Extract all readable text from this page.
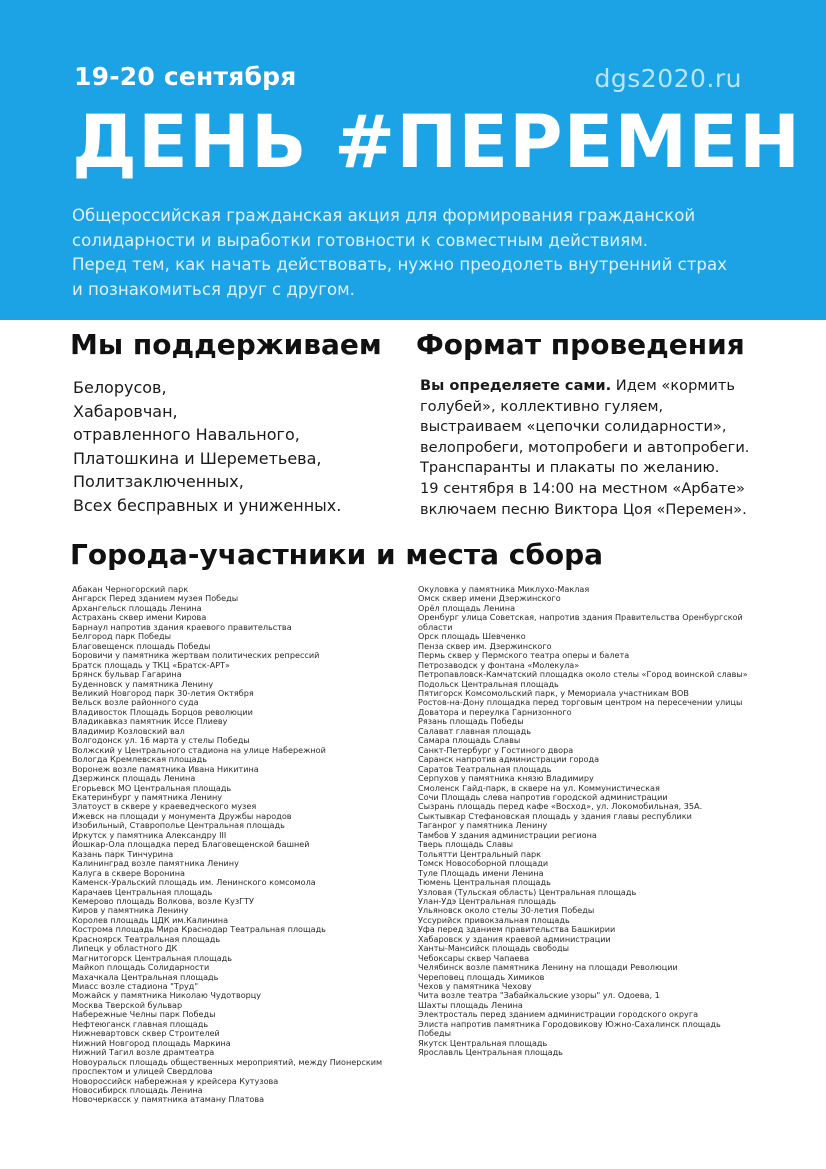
19-20 сентября	dgs2020.ru
ДЕНЬ #ПЕРЕМЕН
Общероссийская гражданская акция для формирования гражданской
солидарности и выработки готовности к совместным действиям.
Перед тем, как начать действовать, нужно преодолеть внутренний страх
и познакомиться друг с другом.
Мы поддерживаем Формат проведения
Белорусов,
Хабаровчан,
отравленного Навального,
Платошкина и Шереметьева,
Политзаключенных,
Всех бесправных и униженных.
Вы определяете сами. Идем «кормить
голубей», коллективно гуляем,
выстраиваем «цепочки солидарности»,
велопробеги, мотопробеги и автопробеги.
Транспаранты и плакаты по желанию.
19 сентября в 14:00 на местном «Арбате»
включаем песню Виктора Цоя «Перемен».
Города-участники и места сбора
Абакан Черногорский парк
Ангарск Перед зданием музея Победы
Архангельск площадь Ленина
Астрахань сквер имени Кирова
Барнаул напротив здания краевого правительства
Белгород парк Победы
Благовещенск площадь Победы
Боровичи у памятника жертвам политических репрессий
Братск площадь у ТКЦ «Братск-АРТ»
Брянск бульвар Гагарина
Буденновск у памятника Ленину
Великий Новгород парк 30-летия Октября
Вельск возле районного суда
Владивосток Площадь Борцов революции
Владикавказ памятник Иссе Плиеву
Владимир Козловский вал
Волгодонск ул. 16 марта у стелы Победы
Волжский у Центрального стадиона на улице Набережной
Вологда Кремлевская площадь
Воронеж возле памятника Ивана Никитина
Дзержинск площадь Ленина
Егорьевск МО Центральная площадь
Екатеринбург у памятника Ленину
Златоуст в сквере у краеведческого музея
Ижевск на площади у монумента Дружбы народов
Изобильный, Ставрополье Центральная площадь
Иркутск у памятника Александру III
Йошкар-Ола площадка перед Благовещенской башней
Казань парк Тинчурина
Калининград возле памятника Ленину
Калуга в сквере Воронина
Каменск-Уральский площадь им. Ленинского комсомола
Карачаев Центральная площадь
Кемерово площадь Волкова, возле КузГТУ
Киров у памятника Ленину
Королев площадь ЦДК им.Калинина
Кострома площадь Мира Краснодар Театральная площадь
Красноярск Театральная площадь
Липецк у областного ДК
Магнитогорск Центральная площадь
Майкоп площадь Солидарности
Махачкала Центральная площадь
Миасс возле стадиона "Труд"
Можайск у памятника Николаю Чудотворцу
Москва Тверской бульвар
Набережные Челны парк Победы
Нефтеюганск главная площадь
Нижневартовск сквер Строителей
Нижний Новгород площадь Маркина
Нижний Тагил возле драмтеатра
Новоуральск площадь общественных мероприятий, между Пионерским
проспектом и улицей Свердлова
Новороссийск набережная у крейсера Кутузова
Новосибирск площадь Ленина
Новочеркасск у памятника атаману Платова
Окуловка у памятника Миклухо-Маклая
Омск сквер имени Дзержинского
Орёл площадь Ленина
Оренбург улица Советская, напротив здания Правительства Оренбургской
области
Орск площадь Шевченко
Пенза сквер им. Дзержинского
Пермь сквер у Пермского театра оперы и балета
Петрозаводск у фонтана «Молекула»
Петропавловск-Камчатский площадка около стелы «Город воинской славы»
Подольск Центральная площадь
Пятигорск Комсомольский парк, у Мемориала участникам ВОВ
Ростов-на-Дону площадка перед торговым центром на пересечении улицы
Доватора и переулка Гарнизонного
Рязань площадь Победы
Салават главная площадь
Самара площадь Славы
Санкт-Петербург у Гостиного двора
Саранск напротив администрации города
Саратов Театральная площадь
Серпухов у памятника князю Владимиру
Смоленск Гайд-парк, в сквере на ул. Коммунистическая
Сочи Площадь слева напротив городской администрации
Сызрань площадь перед кафе «Восход», ул. Локомобильная, 35А.
Сыктывкар Стефановская площадь у здания главы республики
Таганрог у памятника Ленину
Тамбов У здания администрации региона
Тверь площадь Славы
Тольятти Центральный парк
Томск Новособорной площади
Туле Площадь имени Ленина
Тюмень Центральная площадь
Узловая (Тульская область) Центральная площадь
Улан-Удэ Центральная площадь
Ульяновск около стелы 30-летия Победы
Уссурийск привокзальная площадь
Уфа перед зданием правительства Башкирии
Хабаровск у здания краевой администрации
Ханты-Мансийск площадь свободы
Чебоксары сквер Чапаева
Челябинск возле памятника Ленину на площади Революции
Череповец площадь Химиков
Чехов у памятника Чехову
Чита возле театра "Забайкальские узоры" ул. Одоева, 1
Шахты площадь Ленина
Электросталь перед зданием администрации городского округа
Элиста напротив памятника Городовикову Южно-Сахалинск площадь
Победы
Якутск Центральная площадь
Ярославль Центральная площадь
